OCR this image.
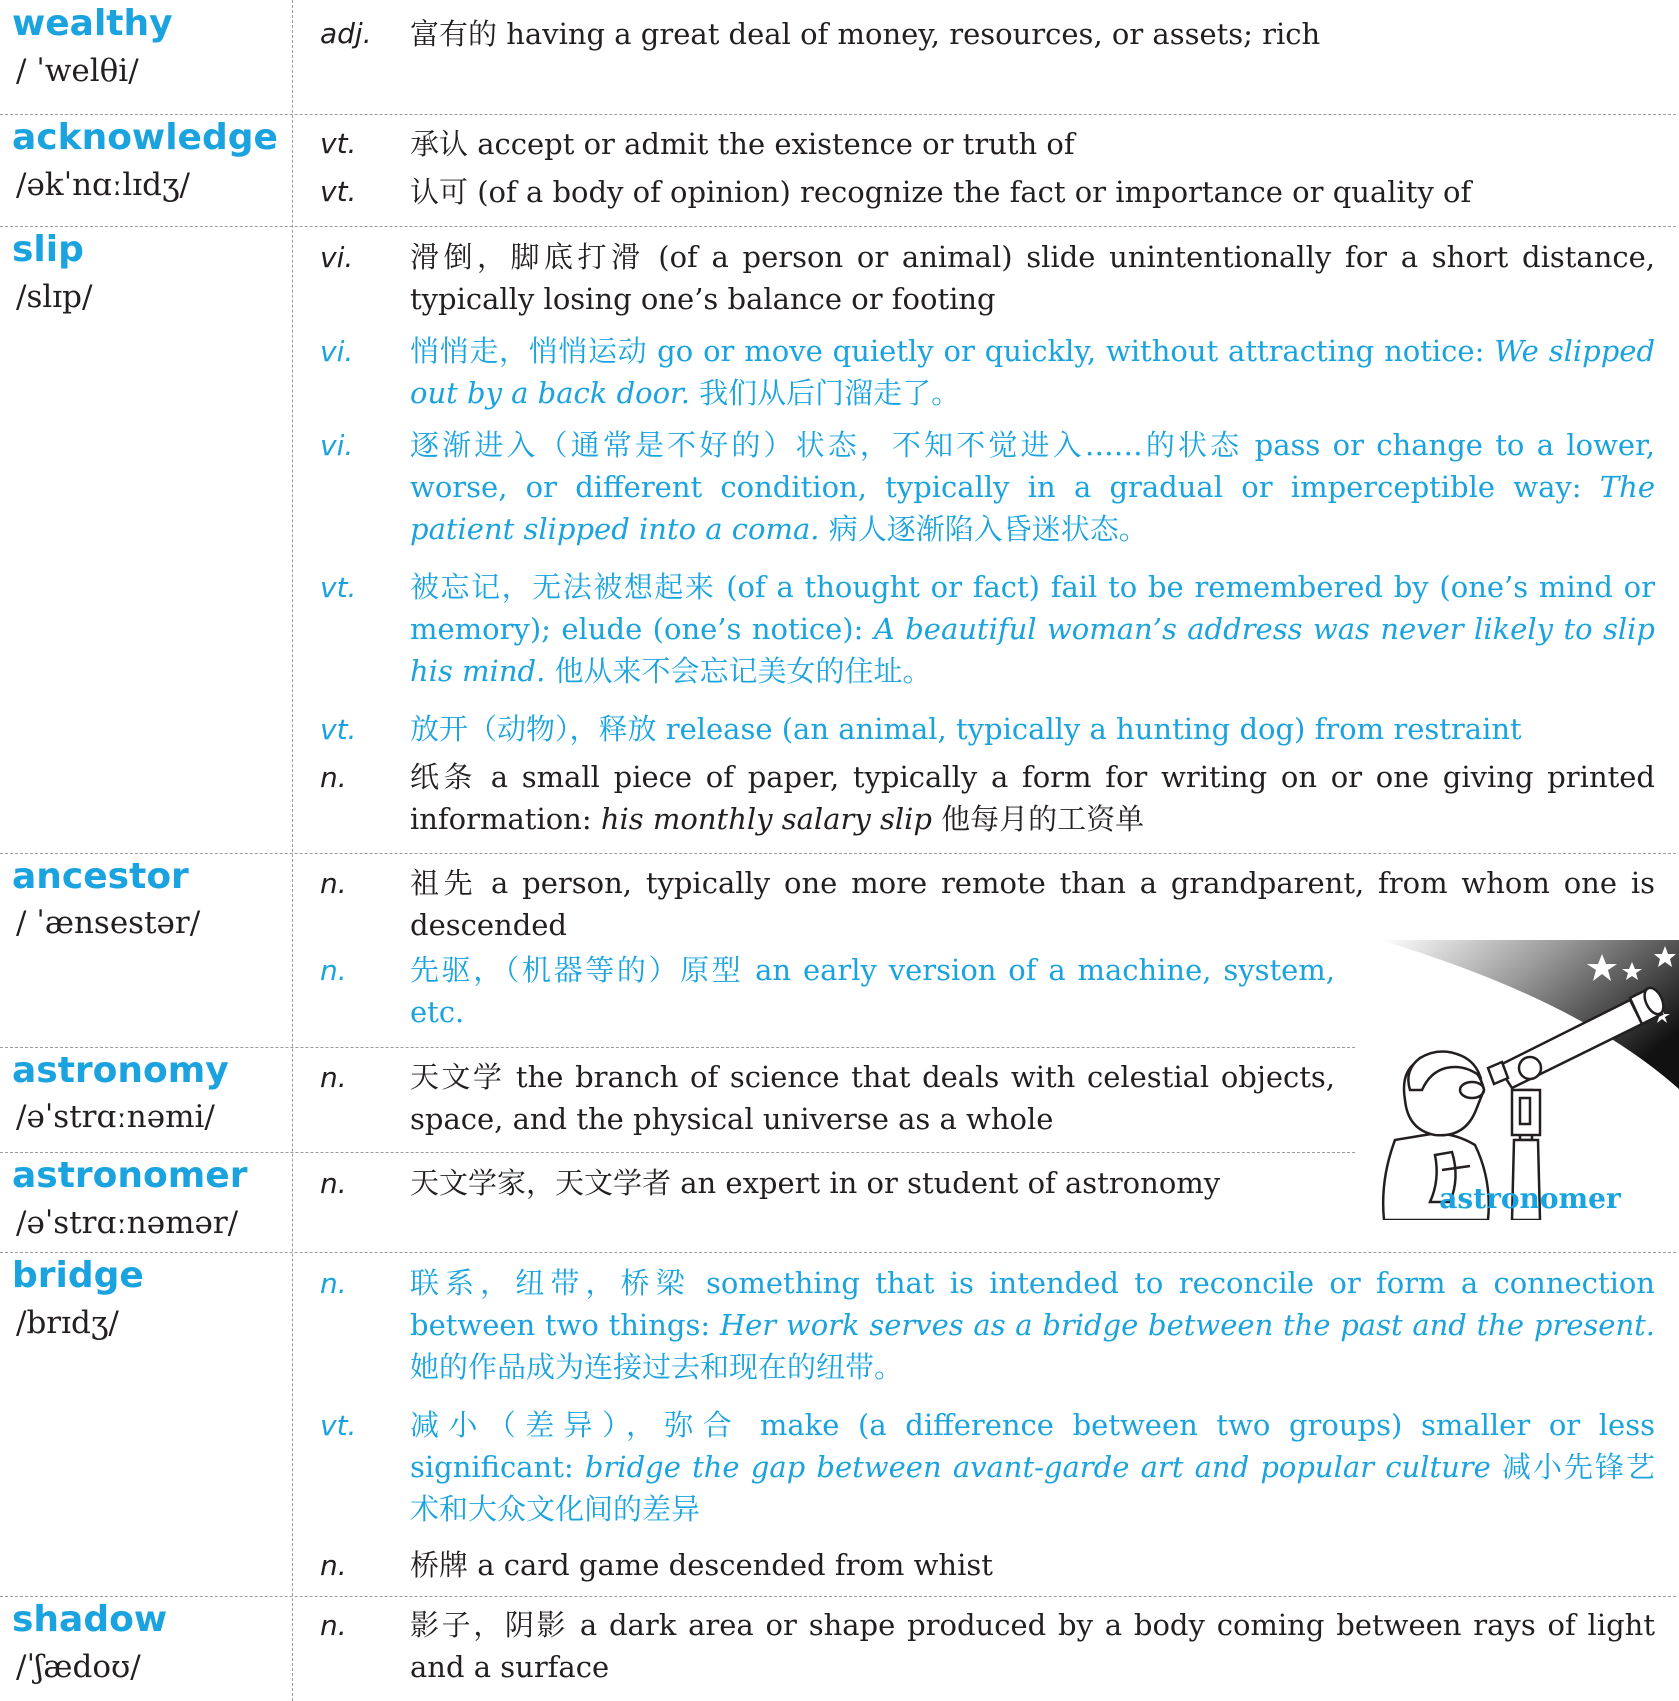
wealthy
/ ˈwelθi/
adj. 富有的 having a great deal of money, resources, or assets; rich
acknowledge
/əkˈnɑːlɪdʒ/
vt. 承认 accept or admit the existence or truth of
vt. 认可 (of a body of opinion) recognize the fact or importance or quality of
slip
/slɪp/
vi. 滑倒，脚底打滑 (of a person or animal) slide unintentionally for a short distance, typically losing one’s balance or footing
vi. 悄悄走，悄悄运动 go or move quietly or quickly, without attracting notice: We slipped out by a back door. 我们从后门溜走了。
vi. 逐渐进入（通常是不好的）状态，不知不觉进入……的状态 pass or change to a lower, worse, or different condition, typically in a gradual or imperceptible way: The patient slipped into a coma. 病人逐渐陷入昏迷状态。
vt. 被忘记，无法被想起来 (of a thought or fact) fail to be remembered by (one’s mind or memory); elude (one’s notice): A beautiful woman’s address was never likely to slip his mind. 他从来不会忘记美女的住址。
vt. 放开（动物），释放 release (an animal, typically a hunting dog) from restraint
n. 纸条 a small piece of paper, typically a form for writing on or one giving printed information: his monthly salary slip 他每月的工资单
ancestor
/ ˈænsestər/
n. 祖先 a person, typically one more remote than a grandparent, from whom one is descended
n. 先驱，（机器等的）原型 an early version of a machine, system, etc.
astronomy
/əˈstrɑːnəmi/
n. 天文学 the branch of science that deals with celestial objects, space, and the physical universe as a whole
astronomer
/əˈstrɑːnəmər/
n. 天文学家，天文学者 an expert in or student of astronomy
bridge
/brɪdʒ/
n. 联系，纽带，桥梁 something that is intended to reconcile or form a connection between two things: Her work serves as a bridge between the past and the present. 她的作品成为连接过去和现在的纽带。
vt. 减小（差异），弥合 make (a difference between two groups) smaller or less significant: bridge the gap between avant-garde art and popular culture 减小先锋艺术和大众文化间的差异
n. 桥牌 a card game descended from whist
shadow
/ˈʃædoʊ/
n. 影子，阴影 a dark area or shape produced by a body coming between rays of light and a surface
astronomer
